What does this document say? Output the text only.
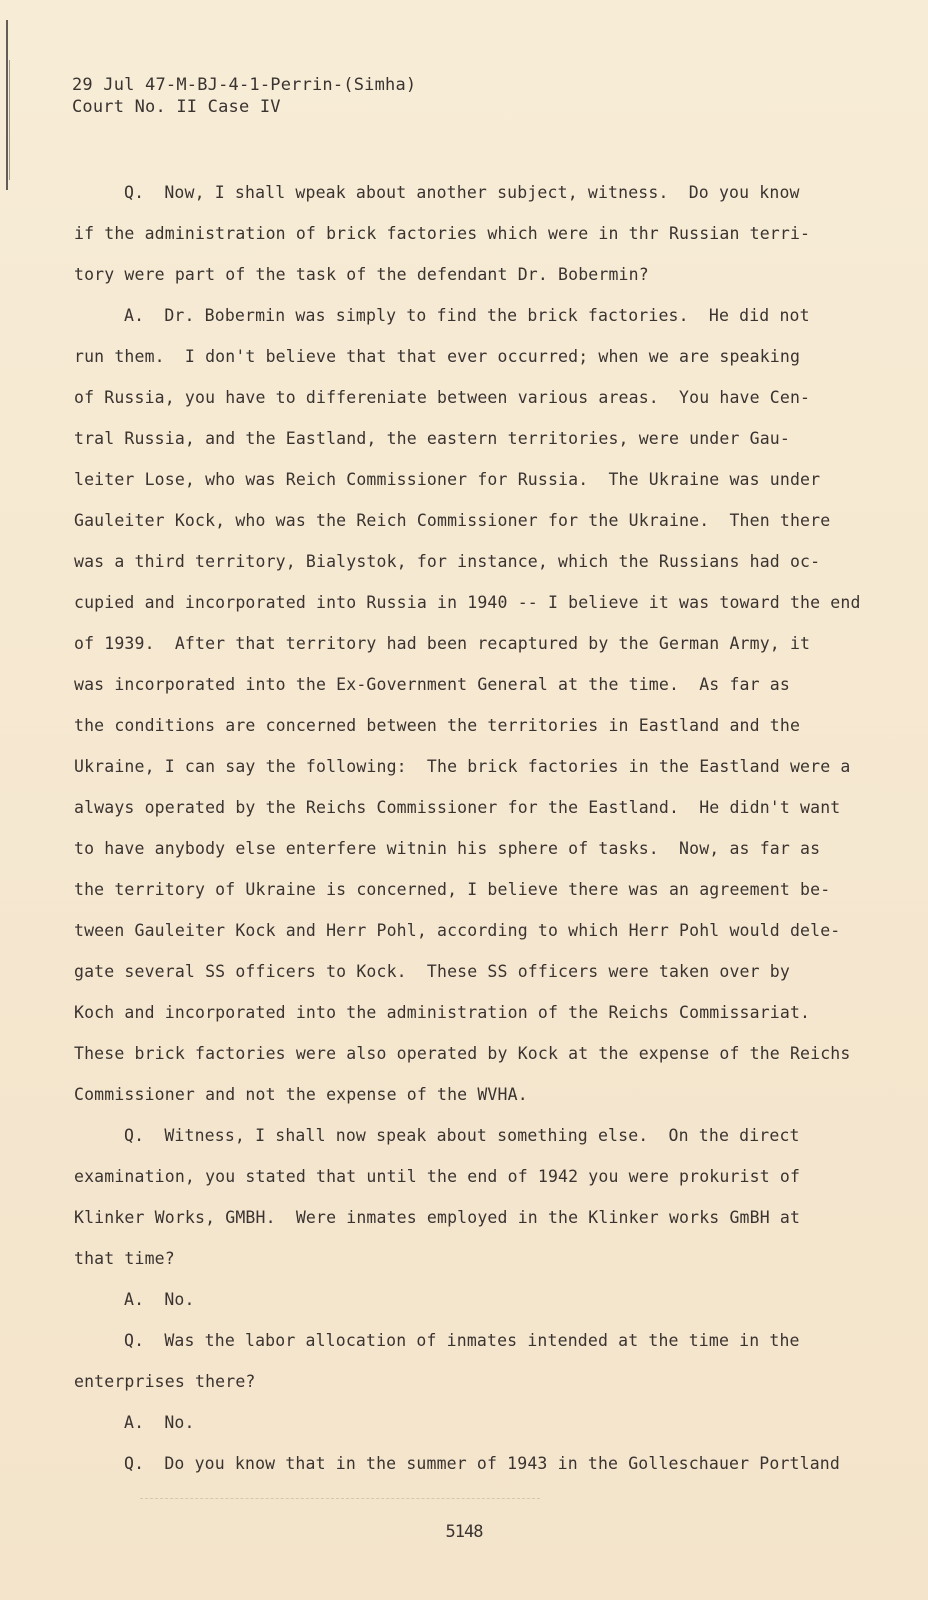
29 Jul 47-M-BJ-4-1-Perrin-(Simha)
Court No. II Case IV
Q.  Now, I shall wpeak about another subject, witness.  Do you know
if the administration of brick factories which were in thr Russian terri-
tory were part of the task of the defendant Dr. Bobermin?
A.  Dr. Bobermin was simply to find the brick factories.  He did not
run them.  I don't believe that that ever occurred; when we are speaking
of Russia, you have to differeniate between various areas.  You have Cen-
tral Russia, and the Eastland, the eastern territories, were under Gau-
leiter Lose, who was Reich Commissioner for Russia.  The Ukraine was under
Gauleiter Kock, who was the Reich Commissioner for the Ukraine.  Then there
was a third territory, Bialystok, for instance, which the Russians had oc-
cupied and incorporated into Russia in 1940 -- I believe it was toward the end
of 1939.  After that territory had been recaptured by the German Army, it
was incorporated into the Ex-Government General at the time.  As far as
the conditions are concerned between the territories in Eastland and the
Ukraine, I can say the following:  The brick factories in the Eastland were a
always operated by the Reichs Commissioner for the Eastland.  He didn't want
to have anybody else enterfere witnin his sphere of tasks.  Now, as far as
the territory of Ukraine is concerned, I believe there was an agreement be-
tween Gauleiter Kock and Herr Pohl, according to which Herr Pohl would dele-
gate several SS officers to Kock.  These SS officers were taken over by
Koch and incorporated into the administration of the Reichs Commissariat.
These brick factories were also operated by Kock at the expense of the Reichs
Commissioner and not the expense of the WVHA.
Q.  Witness, I shall now speak about something else.  On the direct
examination, you stated that until the end of 1942 you were prokurist of
Klinker Works, GMBH.  Were inmates employed in the Klinker works GmBH at
that time?
A.  No.
Q.  Was the labor allocation of inmates intended at the time in the
enterprises there?
A.  No.
Q.  Do you know that in the summer of 1943 in the Golleschauer Portland
5148
